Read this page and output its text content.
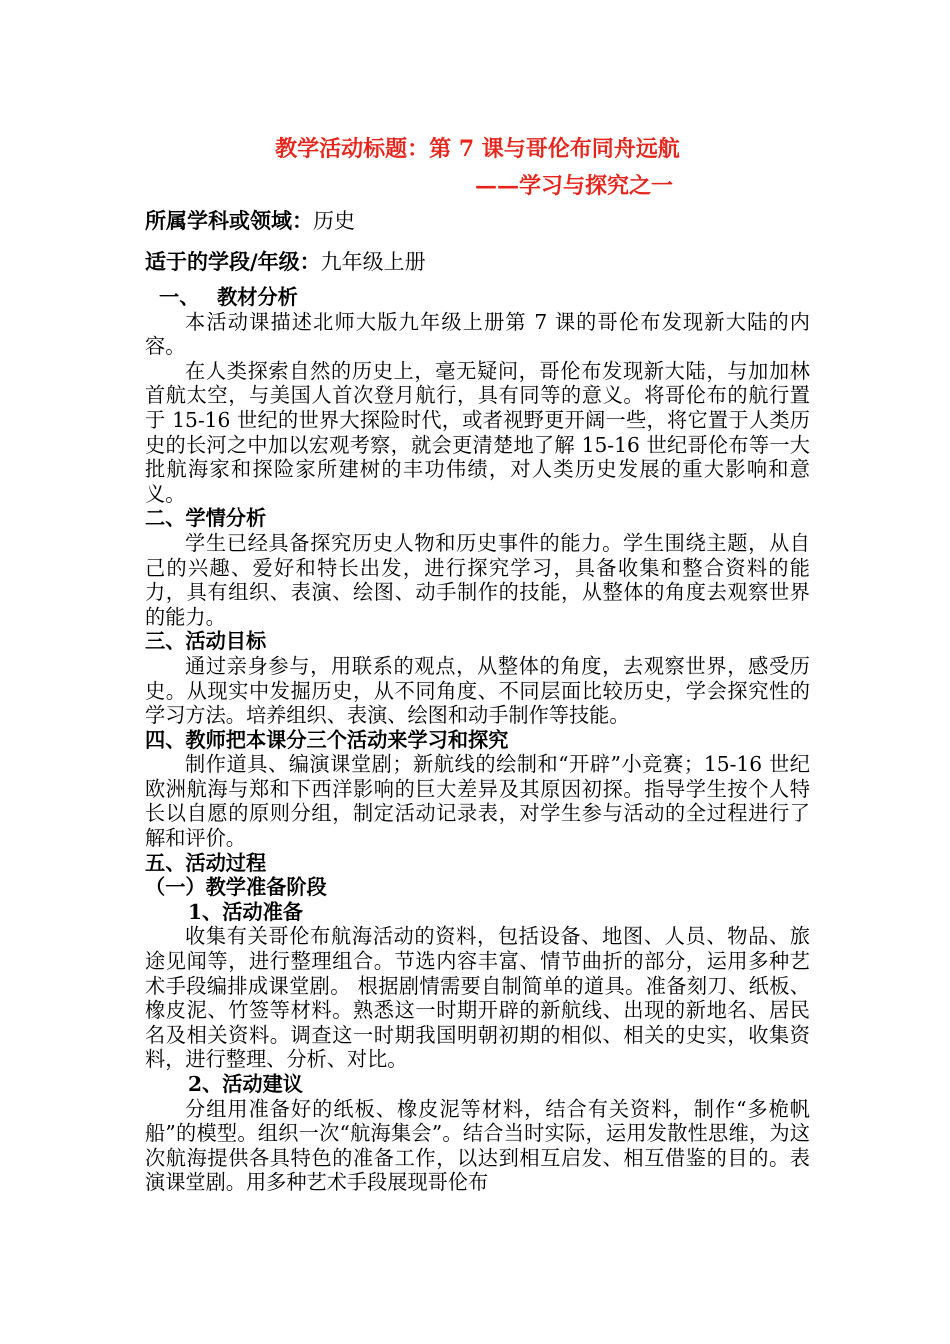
教学活动标题：第 7 课与哥伦布同舟远航
——学习与探究之一
所属学科或领域：历史
适于的学段/年级：九年级上册
一、 教材分析

本活动课描述北师大版九年级上册第 7 课的哥伦布发现新大陆的内容。

在人类探索自然的历史上，毫无疑问，哥伦布发现新大陆，与加加林首航太空，与美国人首次登月航行，具有同等的意义。将哥伦布的航行置于 15-16 世纪的世界大探险时代，或者视野更开阔一些，将它置于人类历史的长河之中加以宏观考察，就会更清楚地了解 15-16 世纪哥伦布等一大批航海家和探险家所建树的丰功伟绩，对人类历史发展的重大影响和意义。

二、学情分析

学生已经具备探究历史人物和历史事件的能力。学生围绕主题，从自己的兴趣、爱好和特长出发，进行探究学习，具备收集和整合资料的能力，具有组织、表演、绘图、动手制作的技能，从整体的角度去观察世界的能力。

三、活动目标

通过亲身参与，用联系的观点，从整体的角度，去观察世界，感受历史。从现实中发掘历史，从不同角度、不同层面比较历史，学会探究性的学习方法。培养组织、表演、绘图和动手制作等技能。

四、教师把本课分三个活动来学习和探究

制作道具、编演课堂剧；新航线的绘制和“开辟”小竞赛；15-16 世纪欧洲航海与郑和下西洋影响的巨大差异及其原因初探。指导学生按个人特长以自愿的原则分组，制定活动记录表，对学生参与活动的全过程进行了解和评价。

五、活动过程
（一）教学准备阶段
1、活动准备

收集有关哥伦布航海活动的资料，包括设备、地图、人员、物品、旅途见闻等，进行整理组合。节选内容丰富、情节曲折的部分，运用多种艺术手段编排成课堂剧。 根据剧情需要自制简单的道具。准备刻刀、纸板、橡皮泥、竹签等材料。熟悉这一时期开辟的新航线、出现的新地名、居民名及相关资料。调查这一时期我国明朝初期的相似、相关的史实，收集资料，进行整理、分析、对比。

2、活动建议

分组用准备好的纸板、橡皮泥等材料，结合有关资料，制作“多桅帆船”的模型。组织一次“航海集会”。结合当时实际，运用发散性思维，为这次航海提供各具特色的准备工作，以达到相互启发、相互借鉴的目的。表演课堂剧。用多种艺术手段展现哥伦布
